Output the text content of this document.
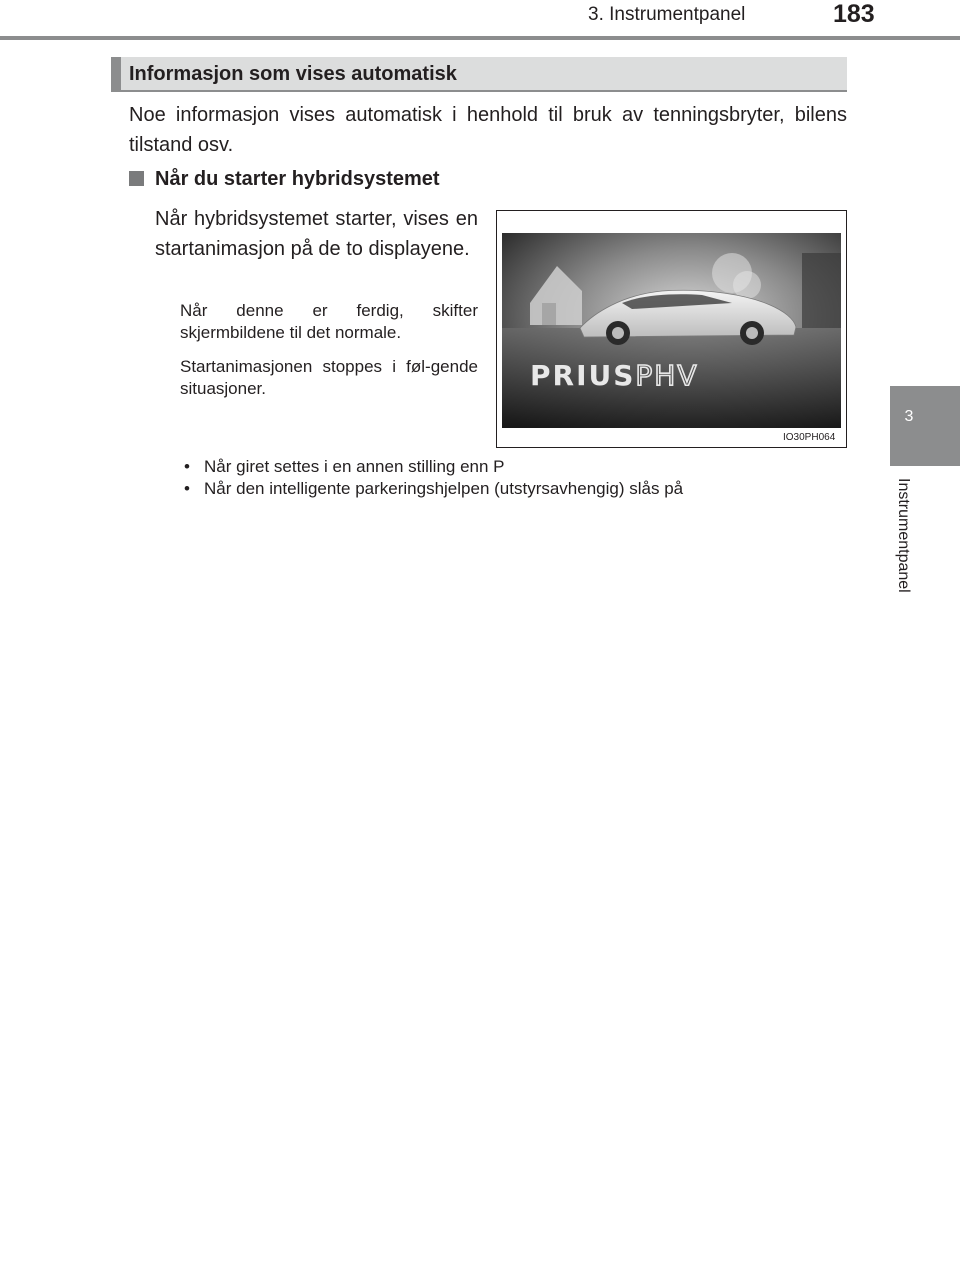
3. Instrumentpanel	183
3
Instrumentpanel
Informasjon som vises automatisk
Noe informasjon vises automatisk i henhold til bruk av tenningsbryter, bilens tilstand osv.
Når du starter hybridsystemet
Når hybridsystemet starter, vises en startanimasjon på de to displayene.
Når denne er ferdig, skifter skjermbildene til det normale.
Startanimasjonen stoppes i føl-gende situasjoner.
• Når giret settes i en annen stilling enn P
• Når den intelligente parkeringshjelpen (utstyrsavhengig) slås på
PRIUSPHV
IO30PH064
